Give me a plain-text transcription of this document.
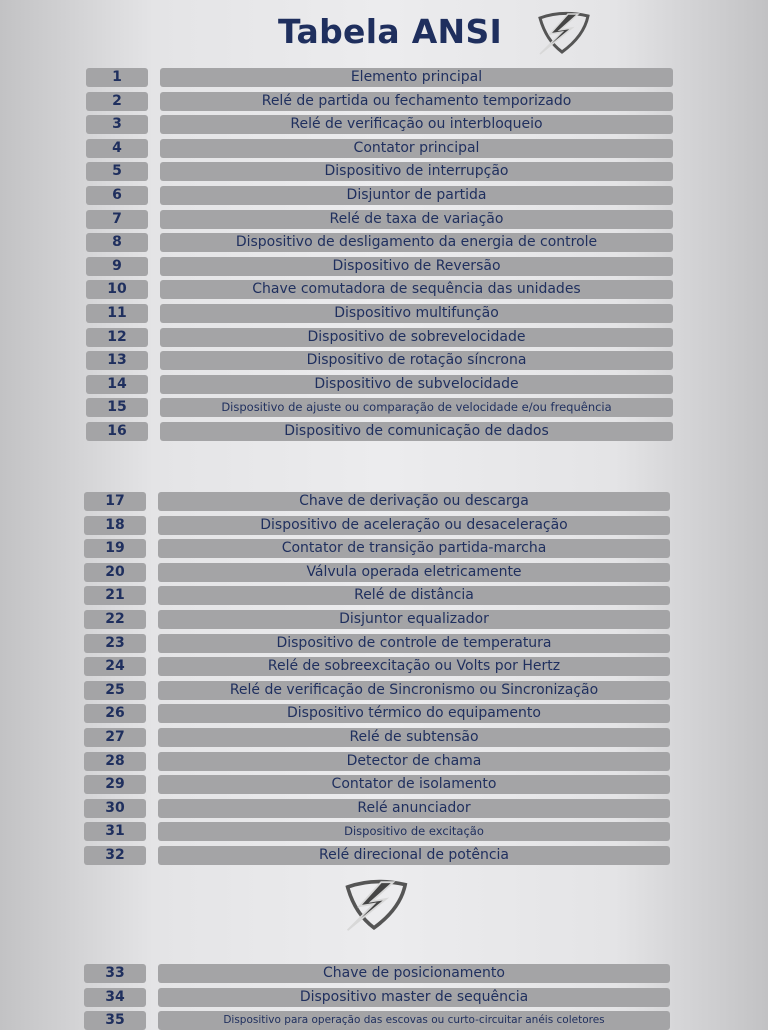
Tabela ANSI
1	Elemento principal
2	Relé de partida ou fechamento temporizado
3	Relé de verificação ou interbloqueio
4	Contator principal
5	Dispositivo de interrupção
6	Disjuntor de partida
7	Relé de taxa de variação
8	Dispositivo de desligamento da energia de controle
9	Dispositivo de Reversão
10	Chave comutadora de sequência das unidades
11	Dispositivo multifunção
12	Dispositivo de sobrevelocidade
13	Dispositivo de rotação síncrona
14	Dispositivo de subvelocidade
15	Dispositivo de ajuste ou comparação de velocidade e/ou frequência
16	Dispositivo de comunicação de dados
17	Chave de derivação ou descarga
18	Dispositivo de aceleração ou desaceleração
19	Contator de transição partida-marcha
20	Válvula operada eletricamente
21	Relé de distância
22	Disjuntor equalizador
23	Dispositivo de controle de temperatura
24	Relé de sobreexcitação ou Volts por Hertz
25	Relé de verificação de Sincronismo ou Sincronização
26	Dispositivo térmico do equipamento
27	Relé de subtensão
28	Detector de chama
29	Contator de isolamento
30	Relé anunciador
31	Dispositivo de excitação
32	Relé direcional de potência
33	Chave de posicionamento
34	Dispositivo master de sequência
35	Dispositivo para operação das escovas ou curto-circuitar anéis coletores
